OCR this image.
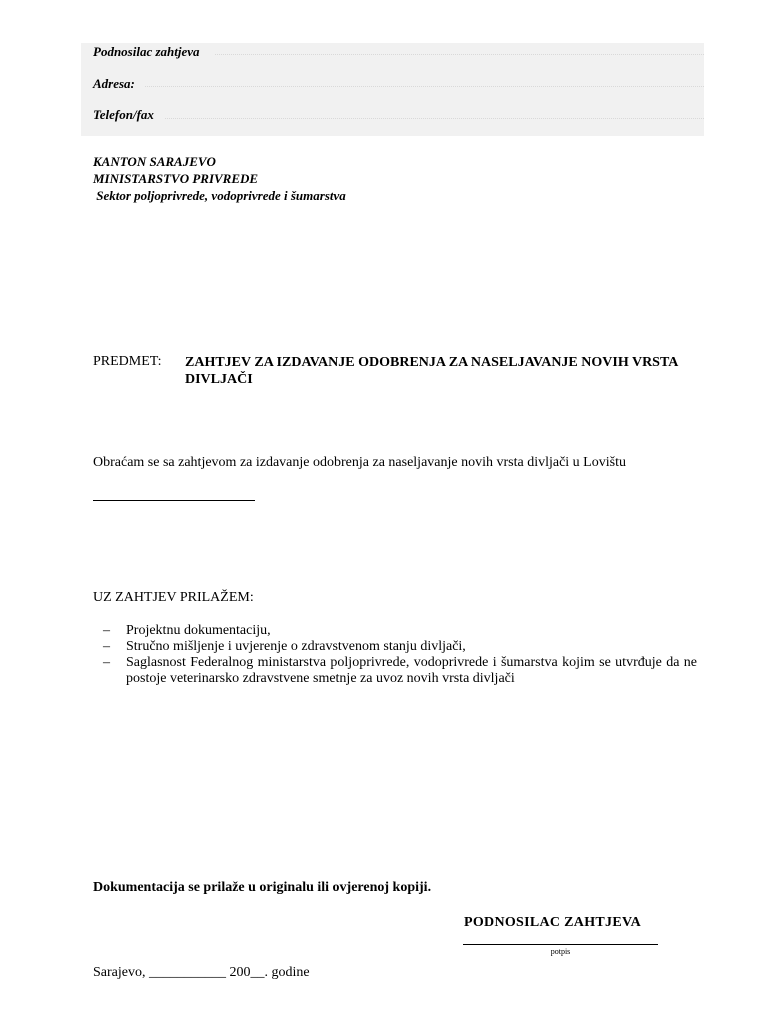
Podnosilac zahtjeva
Adresa:
Telefon/fax
KANTON SARAJEVO
MINISTARSTVO PRIVREDE
Sektor poljoprivrede, vodoprivrede i šumarstva
PREDMET: ZAHTJEV ZA IZDAVANJE ODOBRENJA ZA NASELJAVANJE NOVIH VRSTA DIVLJAČI
Obraćam se sa zahtjevom za izdavanje odobrenja za naseljavanje novih vrsta divljači u Lovištu
UZ ZAHTJEV PRILAŽEM:
– Projektnu dokumentaciju,
– Stručno mišljenje i uvjerenje o zdravstvenom stanju divljači,
– Saglasnost Federalnog ministarstva poljoprivrede, vodoprivrede i šumarstva kojim se utvrđuje da ne postoje veterinarsko zdravstvene smetnje za uvoz novih vrsta divljači
Dokumentacija se prilaže u originalu ili ovjerenoj kopiji.
PODNOSILAC ZAHTJEVA
potpis
Sarajevo, ___________ 200__. godine
